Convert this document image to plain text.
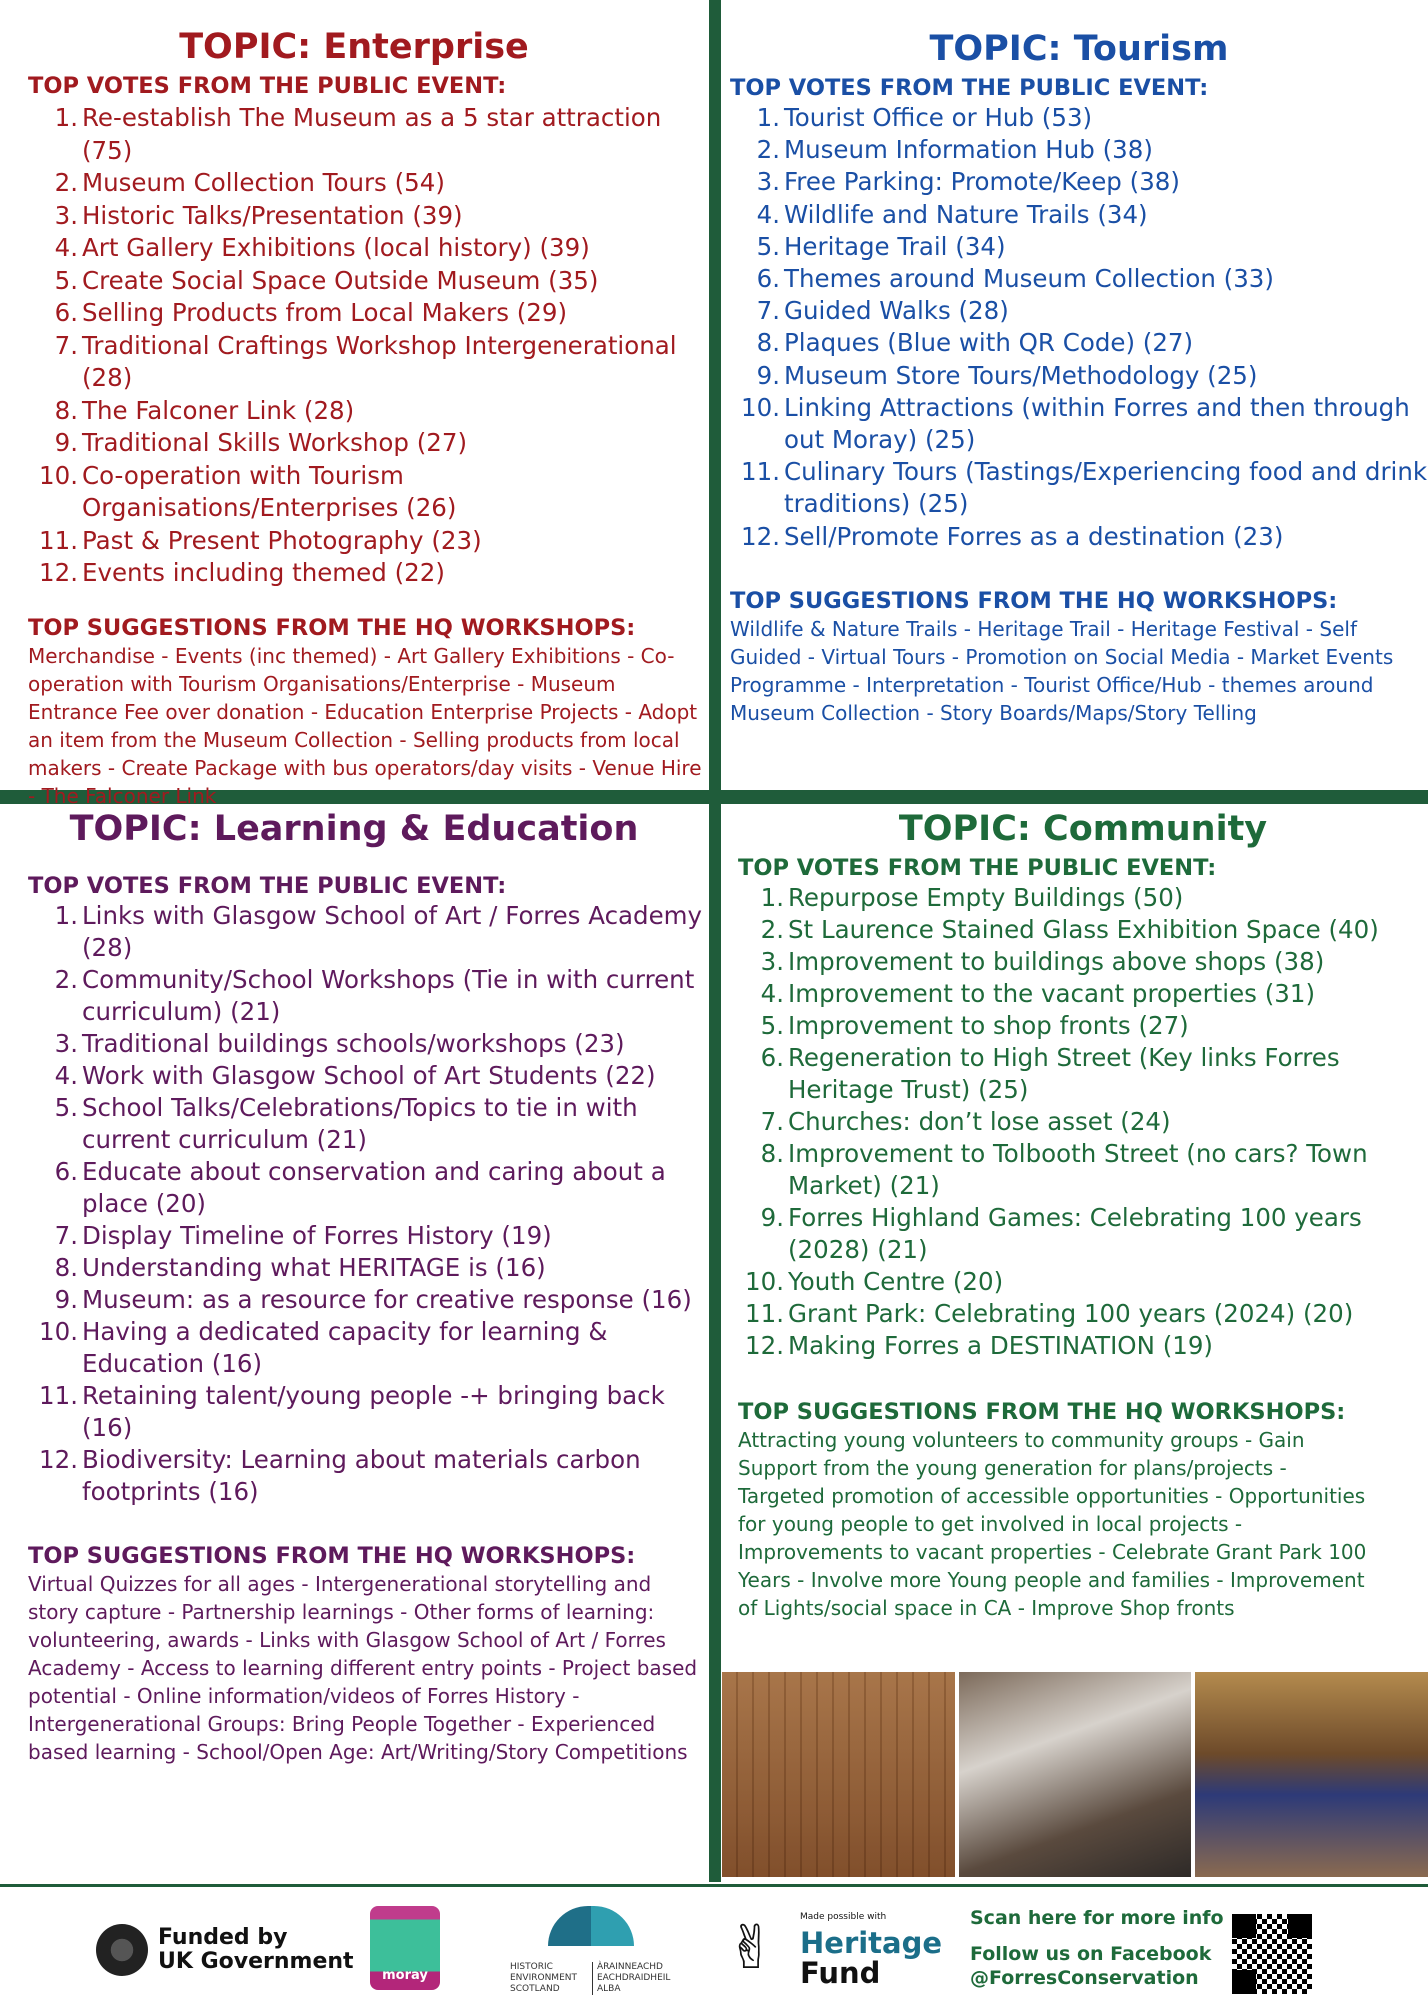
TOPIC: Enterprise
TOP VOTES FROM THE PUBLIC EVENT:
1. Re-establish The Museum as a 5 star attraction (75)
2. Museum Collection Tours (54)
3. Historic Talks/Presentation (39)
4. Art Gallery Exhibitions (local history) (39)
5. Create Social Space Outside Museum (35)
6. Selling Products from Local Makers (29)
7. Traditional Craftings Workshop Intergenerational (28)
8. The Falconer Link (28)
9. Traditional Skills Workshop (27)
10. Co-operation with Tourism Organisations/Enterprises (26)
11. Past & Present Photography (23)
12. Events including themed (22)
TOP SUGGESTIONS FROM THE HQ WORKSHOPS:

Merchandise - Events (inc themed) - Art Gallery Exhibitions - Co-operation with Tourism Organisations/Enterprise - Museum Entrance Fee over donation - Education Enterprise Projects - Adopt an item from the Museum Collection - Selling products from local makers - Create Package with bus operators/day visits - Venue Hire - The Falconer Link

TOPIC: Tourism
TOP VOTES FROM THE PUBLIC EVENT:
1. Tourist Office or Hub (53)
2. Museum Information Hub (38)
3. Free Parking: Promote/Keep (38)
4. Wildlife and Nature Trails (34)
5. Heritage Trail (34)
6. Themes around Museum Collection (33)
7. Guided Walks (28)
8. Plaques (Blue with QR Code) (27)
9. Museum Store Tours/Methodology (25)
10. Linking Attractions (within Forres and then through out Moray) (25)
11. Culinary Tours (Tastings/Experiencing food and drink traditions) (25)
12. Sell/Promote Forres as a destination (23)
TOP SUGGESTIONS FROM THE HQ WORKSHOPS:

Wildlife & Nature Trails - Heritage Trail - Heritage Festival - Self Guided - Virtual Tours - Promotion on Social Media - Market Events Programme - Interpretation - Tourist Office/Hub - themes around Museum Collection - Story Boards/Maps/Story Telling

TOPIC: Learning & Education
TOP VOTES FROM THE PUBLIC EVENT:
1. Links with Glasgow School of Art / Forres Academy (28)
2. Community/School Workshops (Tie in with current curriculum) (21)
3. Traditional buildings schools/workshops (23)
4. Work with Glasgow School of Art Students (22)
5. School Talks/Celebrations/Topics to tie in with current curriculum (21)
6. Educate about conservation and caring about a place (20)
7. Display Timeline of Forres History (19)
8. Understanding what HERITAGE is (16)
9. Museum: as a resource for creative response (16)
10. Having a dedicated capacity for learning & Education (16)
11. Retaining talent/young people -+ bringing back (16)
12. Biodiversity: Learning about materials carbon footprints (16)
TOP SUGGESTIONS FROM THE HQ WORKSHOPS:

Virtual Quizzes for all ages - Intergenerational storytelling and story capture - Partnership learnings - Other forms of learning: volunteering, awards - Links with Glasgow School of Art / Forres Academy - Access to learning different entry points - Project based potential - Online information/videos of Forres History - Intergenerational Groups: Bring People Together - Experienced based learning - School/Open Age: Art/Writing/Story Competitions

TOPIC: Community
TOP VOTES FROM THE PUBLIC EVENT:
1. Repurpose Empty Buildings (50)
2. St Laurence Stained Glass Exhibition Space (40)
3. Improvement to buildings above shops (38)
4. Improvement to the vacant properties (31)
5. Improvement to shop fronts (27)
6. Regeneration to High Street (Key links Forres Heritage Trust) (25)
7. Churches: don’t lose asset (24)
8. Improvement to Tolbooth Street (no cars? Town Market) (21)
9. Forres Highland Games: Celebrating 100 years (2028) (21)
10. Youth Centre (20)
11. Grant Park: Celebrating 100 years (2024) (20)
12. Making Forres a DESTINATION (19)
TOP SUGGESTIONS FROM THE HQ WORKSHOPS:

Attracting young volunteers to community groups - Gain Support from the young generation for plans/projects - Targeted promotion of accessible opportunities - Opportunities for young people to get involved in local projects - Improvements to vacant properties - Celebrate Grant Park 100 Years - Involve more Young people and families - Improvement of Lights/social space in CA - Improve Shop fronts

Funded by
UK Government
moray
HISTORIC ENVIRONMENT SCOTLAND
ÀRAINNEACHD EACHDRAIDHEIL ALBA
✌	Made possible with
Heritage
Fund
Scan here for more info
Follow us on Facebook
@ForresConservation
